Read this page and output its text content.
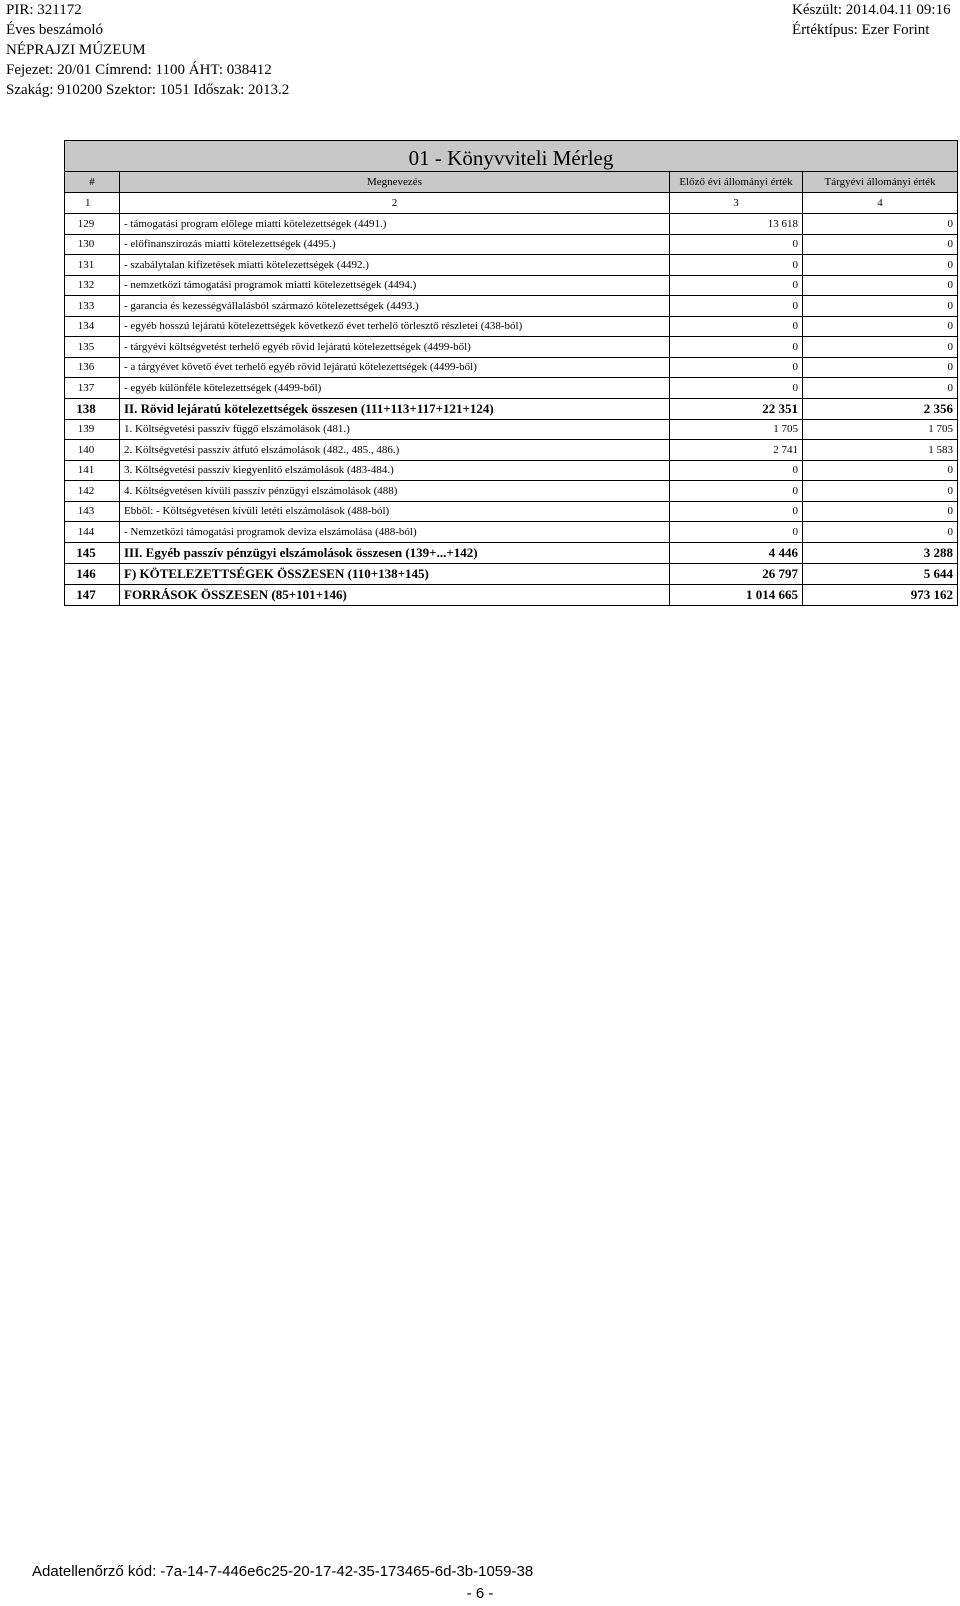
PIR: 321172
Éves beszámoló
NÉPRAJZI MÚZEUM
Fejezet: 20/01 Címrend: 1100 ÁHT: 038412
Szakág: 910200 Szektor: 1051 Időszak: 2013.2
Készült: 2014.04.11 09:16
Értéktípus: Ezer Forint
01 - Könyvviteli Mérleg			
#	Megnevezés	Előző évi állományi érték	Tárgyévi állományi érték
1	2	3	4
129	- támogatási program előlege miatti kötelezettségek (4491.)	13 618	0
130	- előfinanszírozás miatti kötelezettségek (4495.)	0	0
131	- szabálytalan kifizetések miatti kötelezettségek (4492.)	0	0
132	- nemzetközi támogatási programok miatti kötelezettségek (4494.)	0	0
133	- garancia és kezességvállalásból származó kötelezettségek (4493.)	0	0
134	- egyéb hosszú lejáratú kötelezettségek következő évet terhelő törlesztő részletei (438-ból)	0	0
135	- tárgyévi költségvetést terhelő egyéb rövid lejáratú kötelezettségek (4499-ből)	0	0
136	- a tárgyévet követő évet terhelő egyéb rövid lejáratú kötelezettségek (4499-ből)	0	0
137	- egyéb különféle kötelezettségek (4499-ből)	0	0
138	II. Rövid lejáratú kötelezettségek összesen (111+113+117+121+124)	22 351	2 356
139	1. Költségvetési passzív függő elszámolások (481.)	1 705	1 705
140	2. Költségvetési passzív átfutó elszámolások (482., 485., 486.)	2 741	1 583
141	3. Költségvetési passzív kiegyenlítő elszámolások (483-484.)	0	0
142	4. Költségvetésen kívüli passzív pénzügyi elszámolások (488)	0	0
143	Ebből: - Költségvetésen kívüli letéti elszámolások (488-ból)	0	0
144	- Nemzetközi támogatási programok deviza elszámolása (488-ból)	0	0
145	III. Egyéb passzív pénzügyi elszámolások összesen (139+...+142)	4 446	3 288
146	F) KÖTELEZETTSÉGEK ÖSSZESEN (110+138+145)	26 797	5 644
147	FORRÁSOK ÖSSZESEN (85+101+146)	1 014 665	973 162
Adatellenőrző kód: -7a-14-7-446e6c25-20-17-42-35-173465-6d-3b-1059-38
- 6 -
